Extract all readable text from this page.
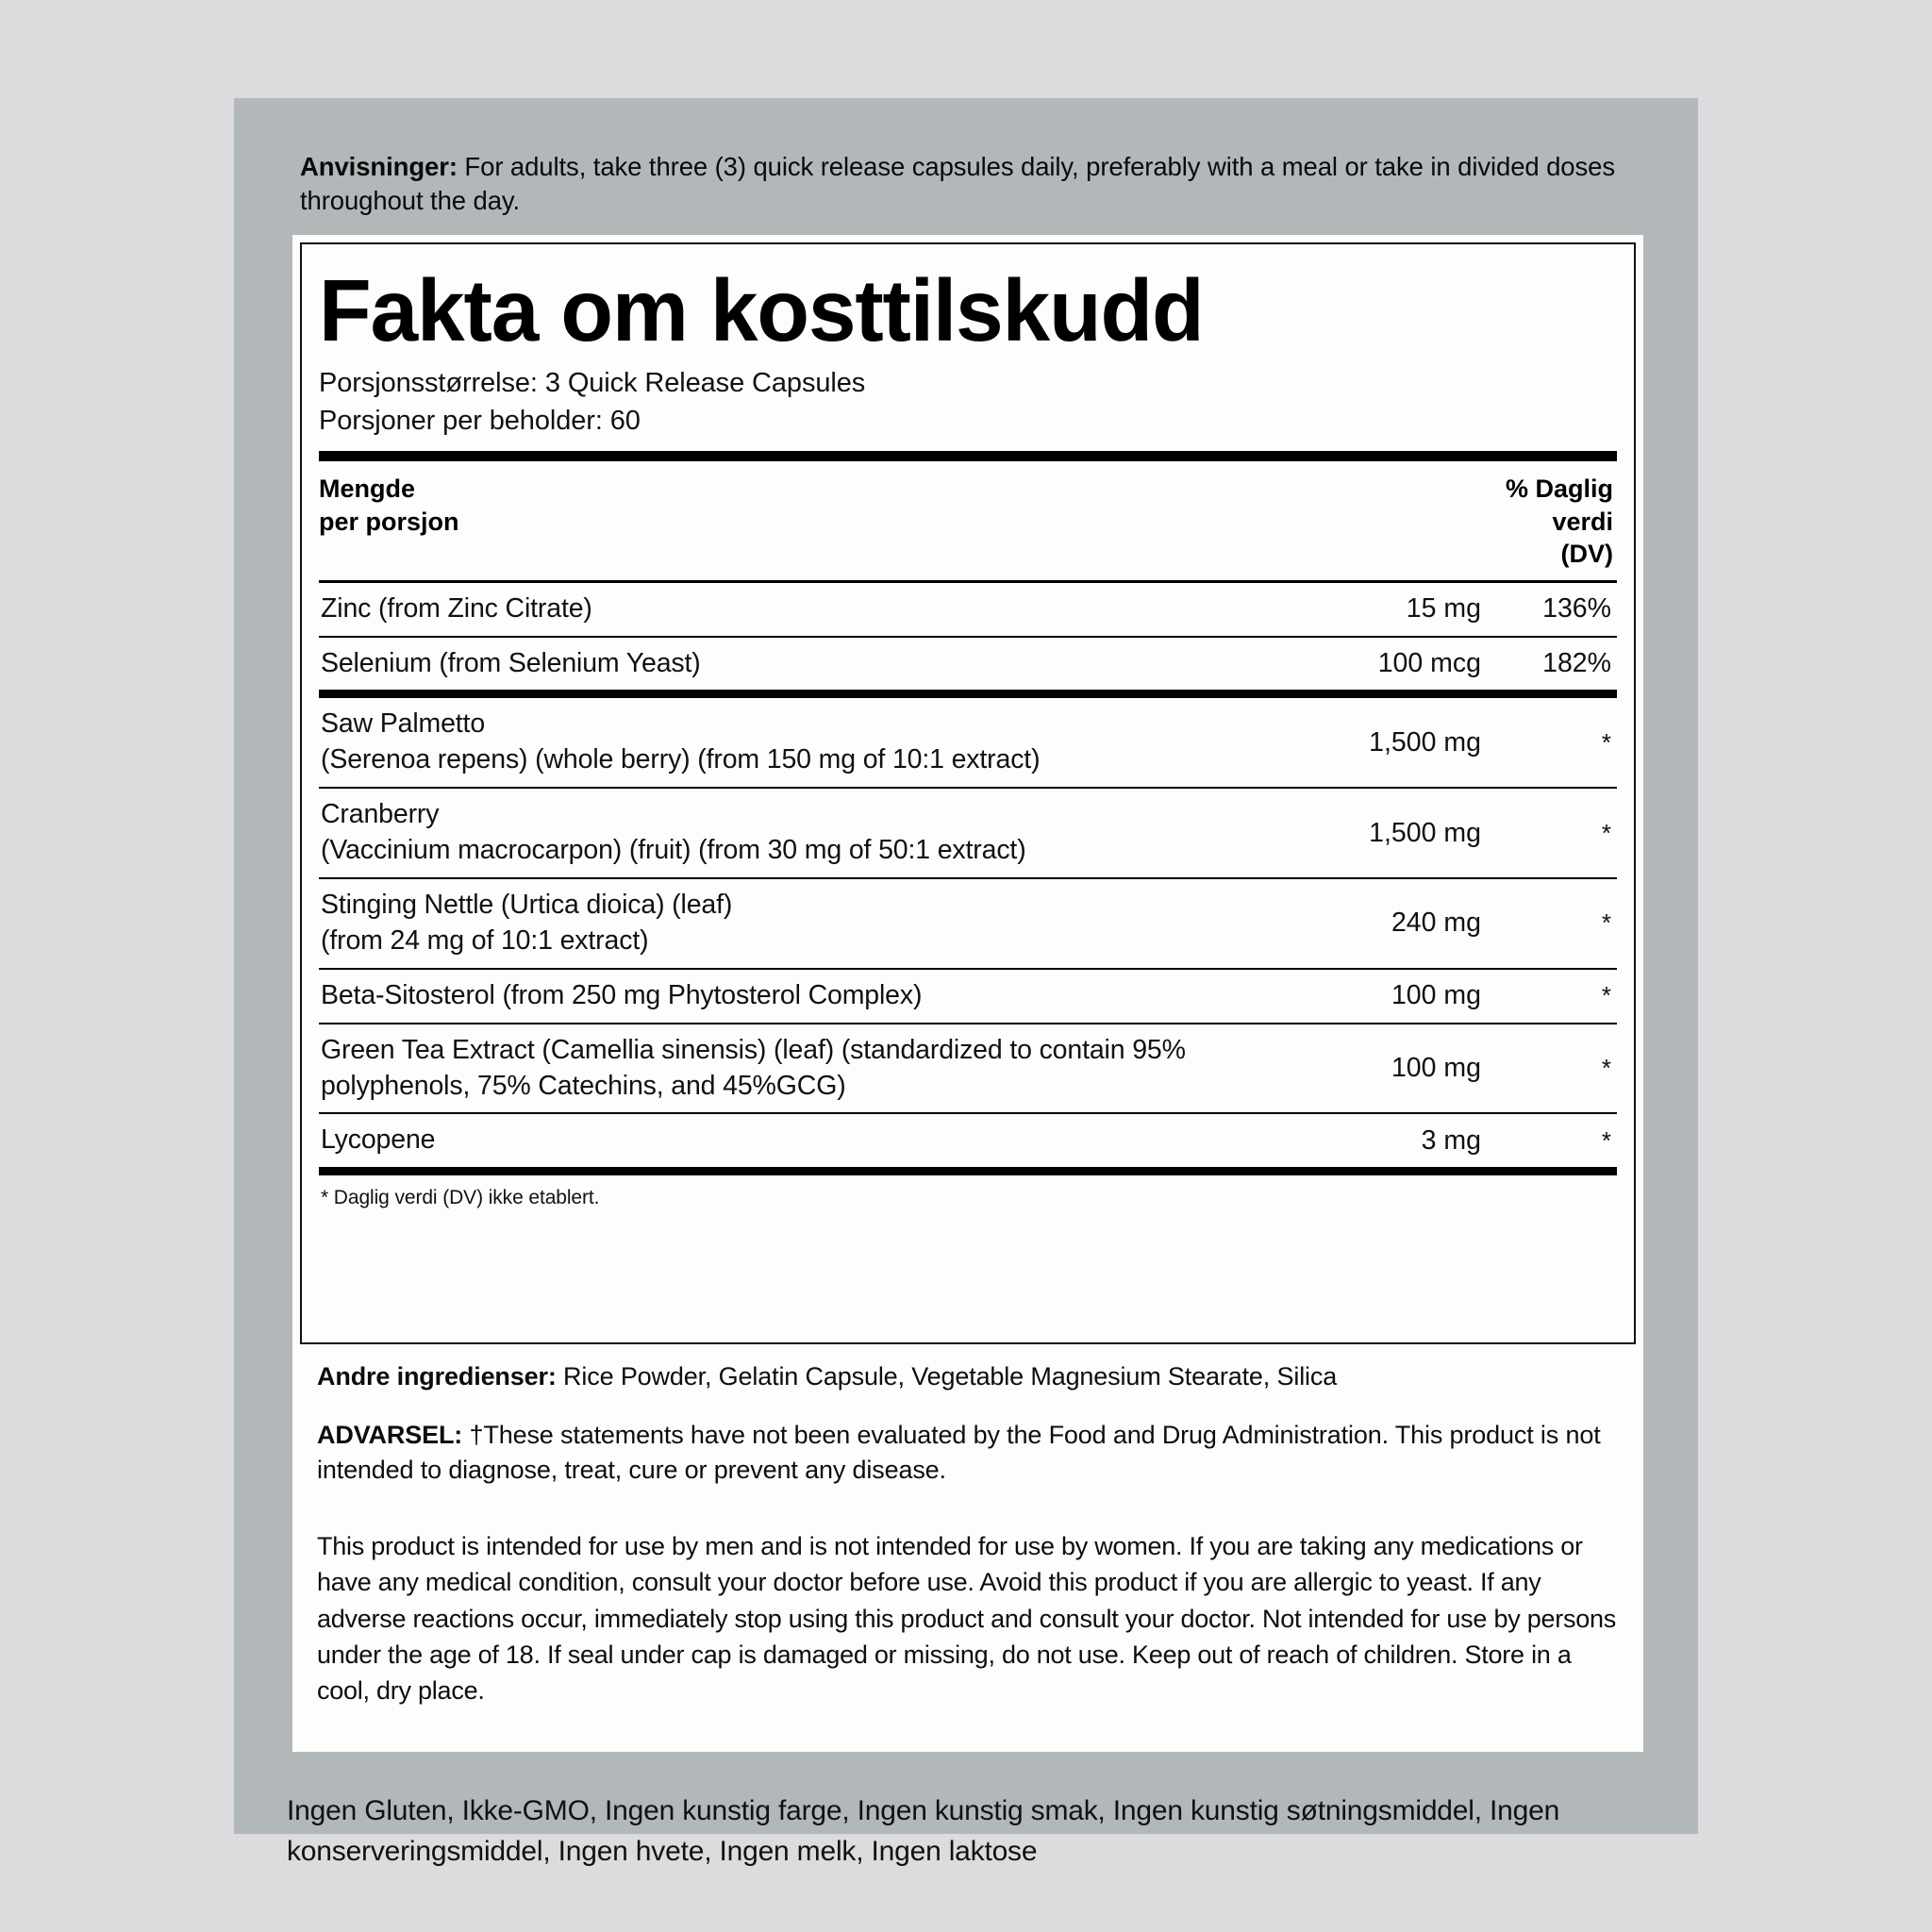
Anvisninger: For adults, take three (3) quick release capsules daily, preferably with a meal or take in divided doses throughout the day.
Fakta om kosttilskudd
Porsjonsstørrelse: 3 Quick Release Capsules
Porsjoner per beholder: 60
Mengde
per porsjon
% Daglig
verdi
(DV)
Zinc (from Zinc Citrate)	15 mg	136%
Selenium (from Selenium Yeast)	100 mcg	182%
Saw Palmetto
(Serenoa repens) (whole berry) (from 150 mg of 10:1 extract)
1,500 mg	*
Cranberry
(Vaccinium macrocarpon) (fruit) (from 30 mg of 50:1 extract)
1,500 mg	*
Stinging Nettle (Urtica dioica) (leaf)
(from 24 mg of 10:1 extract)
240 mg	*
Beta-Sitosterol (from 250 mg Phytosterol Complex)	100 mg	*
Green Tea Extract (Camellia sinensis) (leaf) (standardized to contain 95%
polyphenols, 75% Catechins, and 45%GCG)
100 mg	*
Lycopene	3 mg	*
* Daglig verdi (DV) ikke etablert.
Andre ingredienser: Rice Powder, Gelatin Capsule, Vegetable Magnesium Stearate, Silica
ADVARSEL: †These statements have not been evaluated by the Food and Drug Administration. This product is not intended to diagnose, treat, cure or prevent any disease.
This product is intended for use by men and is not intended for use by women. If you are taking any medications or have any medical condition, consult your doctor before use. Avoid this product if you are allergic to yeast. If any adverse reactions occur, immediately stop using this product and consult your doctor. Not intended for use by persons under the age of 18. If seal under cap is damaged or missing, do not use. Keep out of reach of children. Store in a cool, dry place.
Ingen Gluten, Ikke-GMO, Ingen kunstig farge, Ingen kunstig smak, Ingen kunstig søtningsmiddel, Ingen konserveringsmiddel, Ingen hvete, Ingen melk, Ingen laktose
